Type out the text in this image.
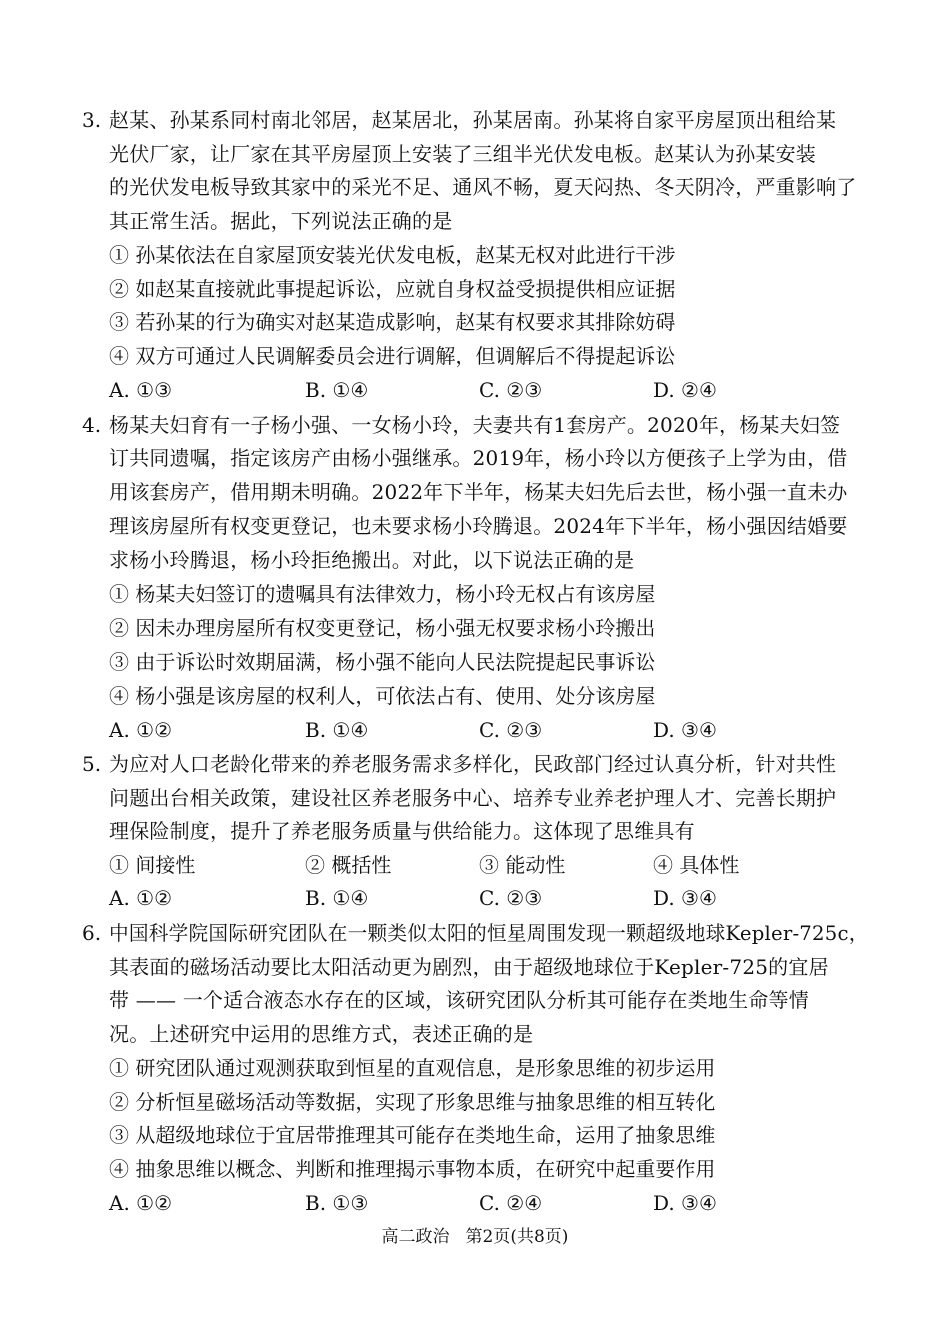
3. 赵某、孙某系同村南北邻居，赵某居北，孙某居南。孙某将自家平房屋顶出租给某
光伏厂家，让厂家在其平房屋顶上安装了三组半光伏发电板。赵某认为孙某安装
的光伏发电板导致其家中的采光不足、通风不畅，夏天闷热、冬天阴冷，严重影响了
其正常生活。据此，下列说法正确的是
① 孙某依法在自家屋顶安装光伏发电板，赵某无权对此进行干涉
② 如赵某直接就此事提起诉讼，应就自身权益受损提供相应证据
③ 若孙某的行为确实对赵某造成影响，赵某有权要求其排除妨碍
④ 双方可通过人民调解委员会进行调解，但调解后不得提起诉讼
A. ①③	B. ①④	C. ②③	D. ②④
4. 杨某夫妇育有一子杨小强、一女杨小玲，夫妻共有1套房产。2020年，杨某夫妇签
订共同遗嘱，指定该房产由杨小强继承。2019年，杨小玲以方便孩子上学为由，借
用该套房产，借用期未明确。2022年下半年，杨某夫妇先后去世，杨小强一直未办
理该房屋所有权变更登记，也未要求杨小玲腾退。2024年下半年，杨小强因结婚要
求杨小玲腾退，杨小玲拒绝搬出。对此，以下说法正确的是
① 杨某夫妇签订的遗嘱具有法律效力，杨小玲无权占有该房屋
② 因未办理房屋所有权变更登记，杨小强无权要求杨小玲搬出
③ 由于诉讼时效期届满，杨小强不能向人民法院提起民事诉讼
④ 杨小强是该房屋的权利人，可依法占有、使用、处分该房屋
A. ①②	B. ①④	C. ②③	D. ③④
5. 为应对人口老龄化带来的养老服务需求多样化，民政部门经过认真分析，针对共性
问题出台相关政策，建设社区养老服务中心、培养专业养老护理人才、完善长期护
理保险制度，提升了养老服务质量与供给能力。这体现了思维具有
① 间接性	② 概括性	③ 能动性	④ 具体性
A. ①②	B. ①④	C. ②③	D. ③④
6. 中国科学院国际研究团队在一颗类似太阳的恒星周围发现一颗超级地球Kepler-725c，
其表面的磁场活动要比太阳活动更为剧烈，由于超级地球位于Kepler-725的宜居
带 —— 一个适合液态水存在的区域，该研究团队分析其可能存在类地生命等情
况。上述研究中运用的思维方式，表述正确的是
① 研究团队通过观测获取到恒星的直观信息，是形象思维的初步运用
② 分析恒星磁场活动等数据，实现了形象思维与抽象思维的相互转化
③ 从超级地球位于宜居带推理其可能存在类地生命，运用了抽象思维
④ 抽象思维以概念、判断和推理揭示事物本质，在研究中起重要作用
A. ①②	B. ①③	C. ②④	D. ③④
高二政治 第2页(共8页)
